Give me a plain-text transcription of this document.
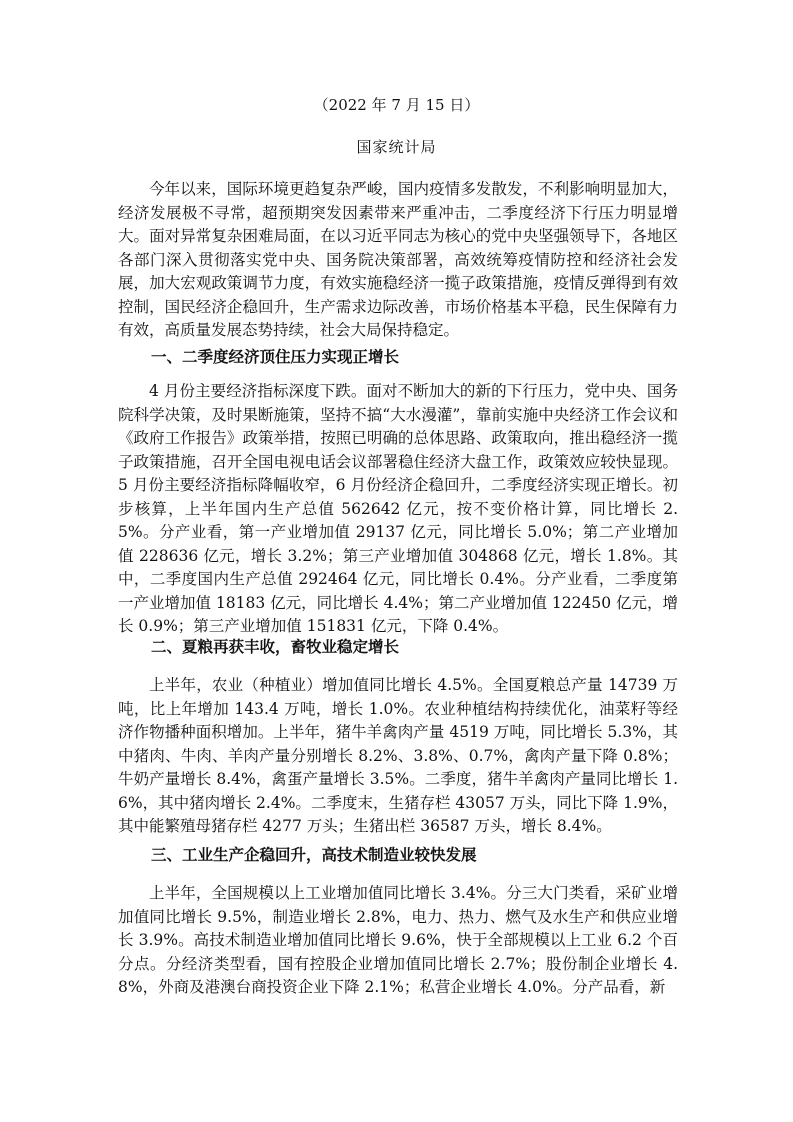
（2022 年 7 月 15 日）
国家统计局

今年以来，国际环境更趋复杂严峻，国内疫情多发散发，不利影响明显加大，经济发展极不寻常，超预期突发因素带来严重冲击，二季度经济下行压力明显增大。面对异常复杂困难局面，在以习近平同志为核心的党中央坚强领导下，各地区各部门深入贯彻落实党中央、国务院决策部署，高效统筹疫情防控和经济社会发展，加大宏观政策调节力度，有效实施稳经济一揽子政策措施，疫情反弹得到有效控制，国民经济企稳回升，生产需求边际改善，市场价格基本平稳，民生保障有力有效，高质量发展态势持续，社会大局保持稳定。

一、二季度经济顶住压力实现正增长

4 月份主要经济指标深度下跌。面对不断加大的新的下行压力，党中央、国务院科学决策，及时果断施策，坚持不搞“大水漫灌”，靠前实施中央经济工作会议和《政府工作报告》政策举措，按照已明确的总体思路、政策取向，推出稳经济一揽子政策措施，召开全国电视电话会议部署稳住经济大盘工作，政策效应较快显现。5 月份主要经济指标降幅收窄，6 月份经济企稳回升，二季度经济实现正增长。初步核算，上半年国内生产总值 562642 亿元，按不变价格计算，同比增长 2.5%。分产业看，第一产业增加值 29137 亿元，同比增长 5.0%；第二产业增加值 228636 亿元，增长 3.2%；第三产业增加值 304868 亿元，增长 1.8%。其中，二季度国内生产总值 292464 亿元，同比增长 0.4%。分产业看，二季度第一产业增加值 18183 亿元，同比增长 4.4%；第二产业增加值 122450 亿元，增长 0.9%；第三产业增加值 151831 亿元，下降 0.4%。

二、夏粮再获丰收，畜牧业稳定增长

上半年，农业（种植业）增加值同比增长 4.5%。全国夏粮总产量 14739 万吨，比上年增加 143.4 万吨，增长 1.0%。农业种植结构持续优化，油菜籽等经济作物播种面积增加。上半年，猪牛羊禽肉产量 4519 万吨，同比增长 5.3%，其中猪肉、牛肉、羊肉产量分别增长 8.2%、3.8%、0.7%，禽肉产量下降 0.8%；牛奶产量增长 8.4%，禽蛋产量增长 3.5%。二季度，猪牛羊禽肉产量同比增长 1.6%，其中猪肉增长 2.4%。二季度末，生猪存栏 43057 万头，同比下降 1.9%，其中能繁殖母猪存栏 4277 万头；生猪出栏 36587 万头，增长 8.4%。

三、工业生产企稳回升，高技术制造业较快发展

上半年，全国规模以上工业增加值同比增长 3.4%。分三大门类看，采矿业增加值同比增长 9.5%，制造业增长 2.8%，电力、热力、燃气及水生产和供应业增长 3.9%。高技术制造业增加值同比增长 9.6%，快于全部规模以上工业 6.2 个百分点。分经济类型看，国有控股企业增加值同比增长 2.7%；股份制企业增长 4.8%，外商及港澳台商投资企业下降 2.1%；私营企业增长 4.0%。分产品看，新
